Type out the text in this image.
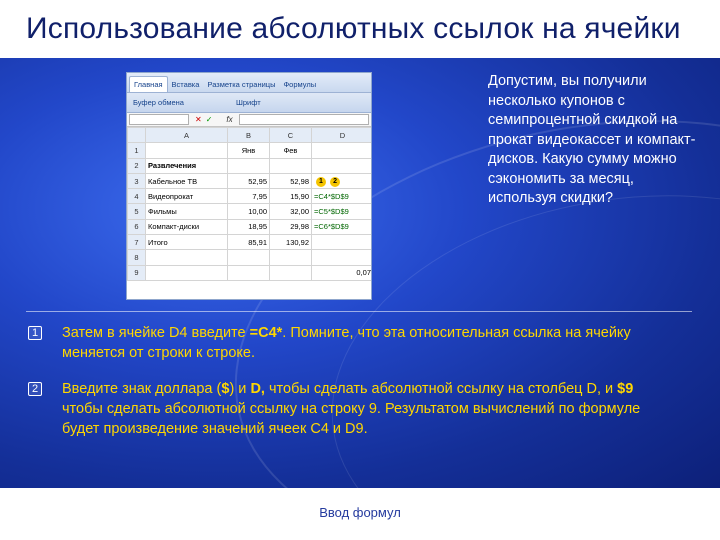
Использование абсолютных ссылок на ячейки
Главная	Вставка	Разметка страницы	Формулы
Буфер обмена	Шрифт
✕ ✓ fx
	A	B	C	D
1		Янв	Фев	
2	Развлечения			
3	Кабельное ТВ	52,95	52,98	1 2
4	Видеопрокат	7,95	15,90	=C4*$D$9
5	Фильмы	10,00	32,00	=C5*$D$9
6	Компакт-диски	18,95	29,98	=C6*$D$9
7	Итого	85,91	130,92	
8				
9				0,07
Допустим, вы получили несколько купонов с семипроцентной скидкой на прокат видеокассет и компакт-дисков. Какую сумму можно сэкономить за месяц, используя скидки?
1 Затем в ячейке D4 введите =C4*. Помните, что эта относительная ссылка на ячейку меняется от строки к строке.
2 Введите знак доллара ($) и D, чтобы сделать абсолютной ссылку на столбец D, и $9 чтобы сделать абсолютной ссылку на строку 9. Результатом вычислений по формуле будет произведение значений ячеек C4 и D9.
Ввод формул
